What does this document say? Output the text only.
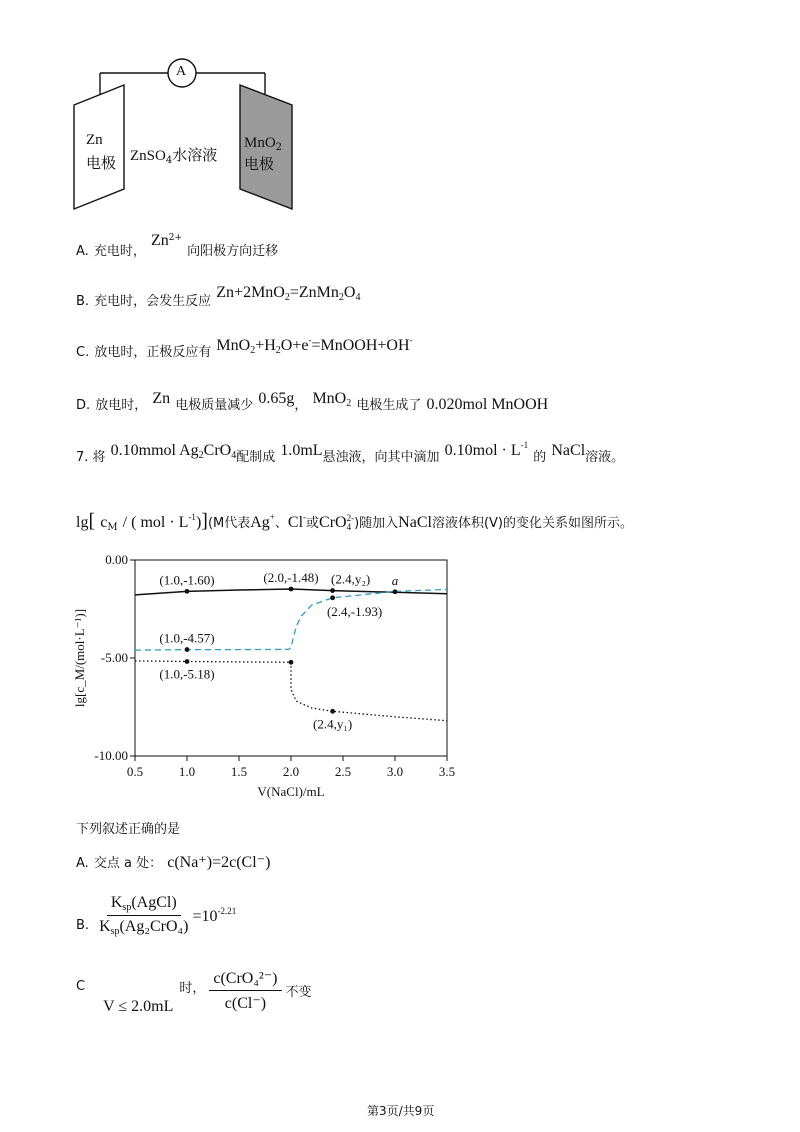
A
Zn
电极 ZnSO$_4$水溶液
MnO$_2$
电极
A. 充电时， $Zn^{2+}$ 向阳极方向迁移
B. 充电时，会发生反应 $Zn+2MnO_2=ZnMn_2O_4$
C. 放电时，正极反应有 $MnO_2+H_2O+e^-=MnOOH+OH^-$
D. 放电时， Zn 电极质量减少 0.65g， MnO$_2$ 电极生成了 0.020mol MnOOH
7. 将 0.10mmol $Ag_2CrO_4$配制成 1.0mL悬浊液，向其中滴加 $0.10mol \cdot L^{-1}$ 的 NaCl溶液。
lg[ $c_M$ / ( mol · $L^{-1})](M$代表Ag+、Cl-或CrO 2-
4 )随加入NaCl溶液体积(V)的变化关系如图所示。
0.5	1.0	1.5	2.0	2.5	3.0	3.5
0.00
-5.00
-10.00
V(NaCl)/mL
lg[c_M/(mol·L⁻¹)]
(1.0,-1.60)	(2.0,-1.48) (2.4,y₂)
(2.4,-1.93)
a
(1.0,-4.57)
(1.0,-5.18)
(2.4,y₁)
下列叙述正确的是
A. 交点 a 处： c(Na⁺)=2c(Cl⁻)
B. $\frac{K_{sp}(AgCl)}{K_{sp}(Ag_2CrO_4)} =10^{-2.21}$
C
V ≤ 2.0mL
时， $\frac{\text{c(CrO₄²⁻)}}{c(Cl^-)}$ 不变
第3页/共9页
